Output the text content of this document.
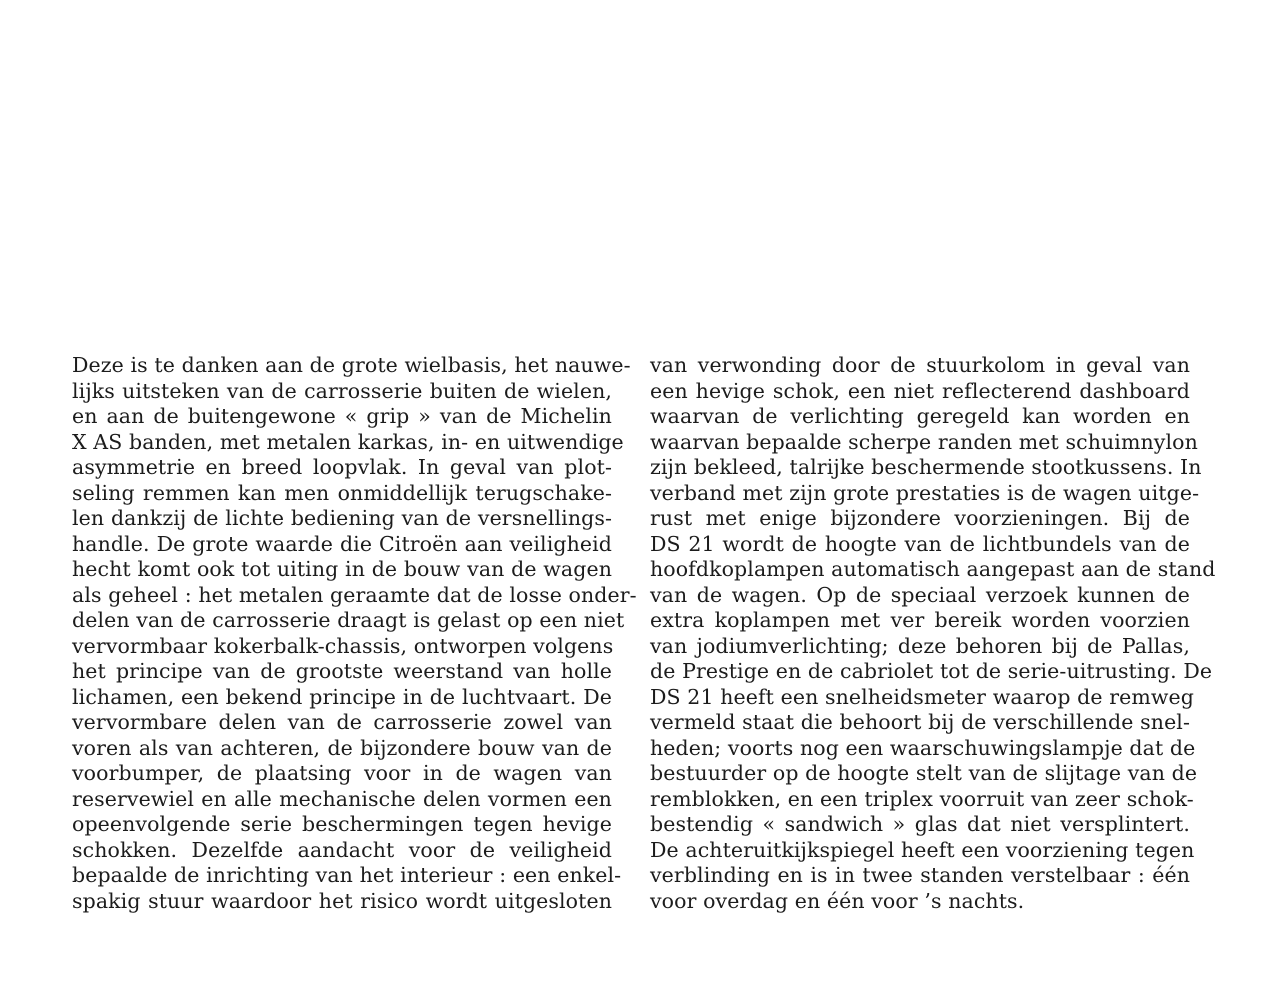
Deze is te danken aan de grote wielbasis, het nauwe-
lijks uitsteken van de carrosserie buiten de wielen,
en aan de buitengewone « grip » van de Michelin
X AS banden, met metalen karkas, in- en uitwendige
asymmetrie en breed loopvlak. In geval van plot-
seling remmen kan men onmiddellijk terugschake-
len dankzij de lichte bediening van de versnellings-
handle. De grote waarde die Citroën aan veiligheid
hecht komt ook tot uiting in de bouw van de wagen
als geheel : het metalen geraamte dat de losse onder-
delen van de carrosserie draagt is gelast op een niet
vervormbaar kokerbalk-chassis, ontworpen volgens
het principe van de grootste weerstand van holle
lichamen, een bekend principe in de luchtvaart. De
vervormbare delen van de carrosserie zowel van
voren als van achteren, de bijzondere bouw van de
voorbumper, de plaatsing voor in de wagen van
reservewiel en alle mechanische delen vormen een
opeenvolgende serie beschermingen tegen hevige
schokken. Dezelfde aandacht voor de veiligheid
bepaalde de inrichting van het interieur : een enkel-
spakig stuur waardoor het risico wordt uitgesloten
van verwonding door de stuurkolom in geval van
een hevige schok, een niet reflecterend dashboard
waarvan de verlichting geregeld kan worden en
waarvan bepaalde scherpe randen met schuimnylon
zijn bekleed, talrijke beschermende stootkussens. In
verband met zijn grote prestaties is de wagen uitge-
rust met enige bijzondere voorzieningen. Bij de
DS 21 wordt de hoogte van de lichtbundels van de
hoofdkoplampen automatisch aangepast aan de stand
van de wagen. Op de speciaal verzoek kunnen de
extra koplampen met ver bereik worden voorzien
van jodiumverlichting; deze behoren bij de Pallas,
de Prestige en de cabriolet tot de serie-uitrusting. De
DS 21 heeft een snelheidsmeter waarop de remweg
vermeld staat die behoort bij de verschillende snel-
heden; voorts nog een waarschuwingslampje dat de
bestuurder op de hoogte stelt van de slijtage van de
remblokken, en een triplex voorruit van zeer schok-
bestendig « sandwich » glas dat niet versplintert.
De achteruitkijkspiegel heeft een voorziening tegen
verblinding en is in twee standen verstelbaar : één
voor overdag en één voor ’s nachts.
